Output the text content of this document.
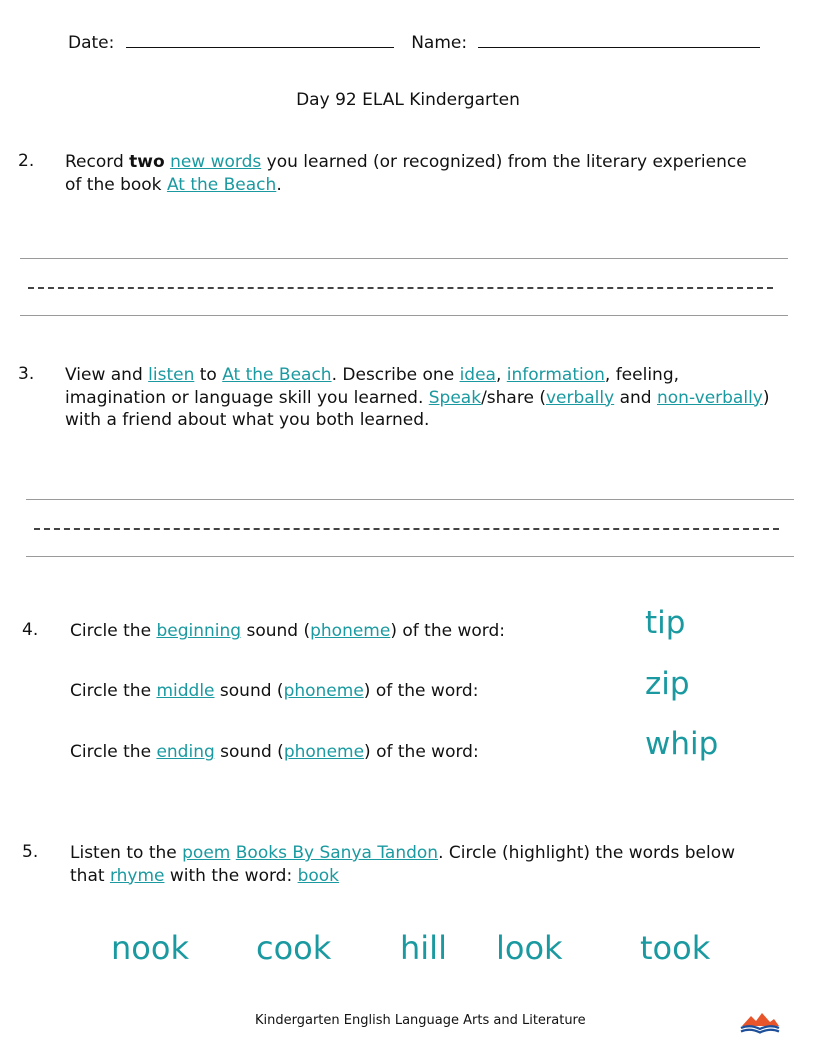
Date:	Name:
Day 92 ELAL Kindergarten
2. Record two new words you learned (or recognized) from the literary experience
of the book At the Beach.
3. View and listen to At the Beach. Describe one idea, information, feeling,
imagination or language skill you learned. Speak/share (verbally and non-verbally)
with a friend about what you both learned.
4. Circle the beginning sound (phoneme) of the word:	tip
Circle the middle sound (phoneme) of the word:	zip
Circle the ending sound (phoneme) of the word:	whip
5. Listen to the poem Books By Sanya Tandon. Circle (highlight) the words below
that rhyme with the word: book
nook cook hill look took
Kindergarten English Language Arts and Literature
